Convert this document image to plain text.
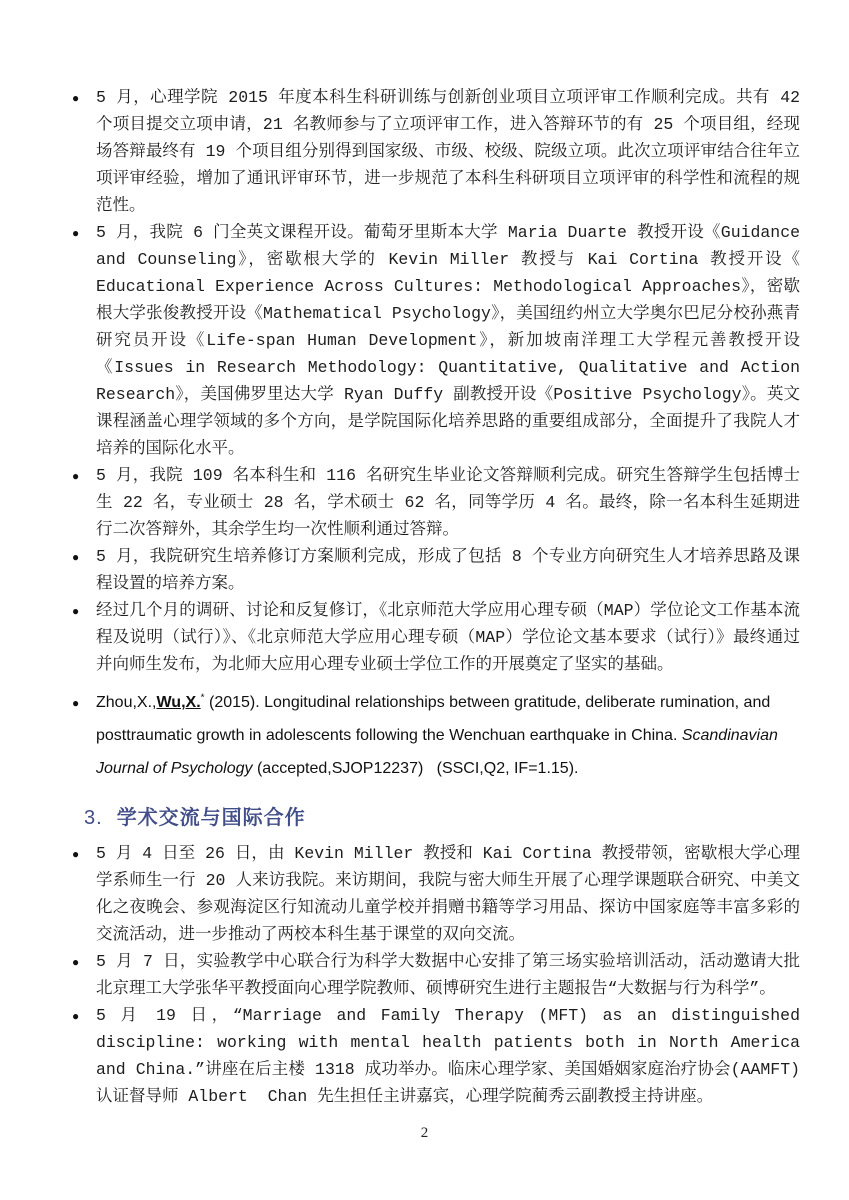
●
5 月，心理学院 2015 年度本科生科研训练与创新创业项目立项评审工作顺利完成。共有 42 个项目提交立项申请，21 名教师参与了立项评审工作，进入答辩环节的有 25 个项目组，经现场答辩最终有 19 个项目组分别得到国家级、市级、校级、院级立项。此次立项评审结合往年立项评审经验，增加了通讯评审环节，进一步规范了本科生科研项目立项评审的科学性和流程的规范性。
●
5 月，我院 6 门全英文课程开设。葡萄牙里斯本大学 Maria Duarte 教授开设《Guidance and Counseling》，密歇根大学的 Kevin Miller 教授与 Kai Cortina 教授开设《 Educational Experience Across Cultures: Methodological Approaches》，密歇根大学张俊教授开设《Mathematical Psychology》，美国纽约州立大学奥尔巴尼分校孙燕青研究员开设《Life-span Human Development》，新加坡南洋理工大学程元善教授开设《Issues in Research Methodology: Quantitative, Qualitative and Action Research》，美国佛罗里达大学 Ryan Duffy 副教授开设《Positive Psychology》。英文课程涵盖心理学领域的多个方向，是学院国际化培养思路的重要组成部分，全面提升了我院人才培养的国际化水平。
●
5 月，我院 109 名本科生和 116 名研究生毕业论文答辩顺利完成。研究生答辩学生包括博士生 22 名，专业硕士 28 名，学术硕士 62 名，同等学历 4 名。最终，除一名本科生延期进行二次答辩外，其余学生均一次性顺利通过答辩。
●
5 月，我院研究生培养修订方案顺利完成，形成了包括 8 个专业方向研究生人才培养思路及课程设置的培养方案。
●
经过几个月的调研、讨论和反复修订，《北京师范大学应用心理专硕（MAP）学位论文工作基本流程及说明（试行）》、《北京师范大学应用心理专硕（MAP）学位论文基本要求（试行）》最终通过并向师生发布，为北师大应用心理专业硕士学位工作的开展奠定了坚实的基础。
●
Zhou,X.,Wu,X.* (2015). Longitudinal relationships between gratitude, deliberate rumination, and posttraumatic growth in adolescents following the Wenchuan earthquake in China. Scandinavian Journal of Psychology (accepted,SJOP12237)   (SSCI,Q2, IF=1.15).
3. 学术交流与国际合作
●
5 月 4 日至 26 日，由 Kevin Miller 教授和 Kai Cortina 教授带领，密歇根大学心理学系师生一行 20 人来访我院。来访期间，我院与密大师生开展了心理学课题联合研究、中美文化之夜晚会、参观海淀区行知流动儿童学校并捐赠书籍等学习用品、探访中国家庭等丰富多彩的交流活动，进一步推动了两校本科生基于课堂的双向交流。
●
5 月 7 日，实验教学中心联合行为科学大数据中心安排了第三场实验培训活动，活动邀请大批北京理工大学张华平教授面向心理学院教师、硕博研究生进行主题报告“大数据与行为科学”。
●
5 月 19 日，“Marriage and Family Therapy (MFT) as an distinguished discipline: working with mental health patients both in North America and China.”讲座在后主楼 1318 成功举办。临床心理学家、美国婚姻家庭治疗协会(AAMFT)认证督导师 Albert  Chan 先生担任主讲嘉宾，心理学院蔺秀云副教授主持讲座。
2
